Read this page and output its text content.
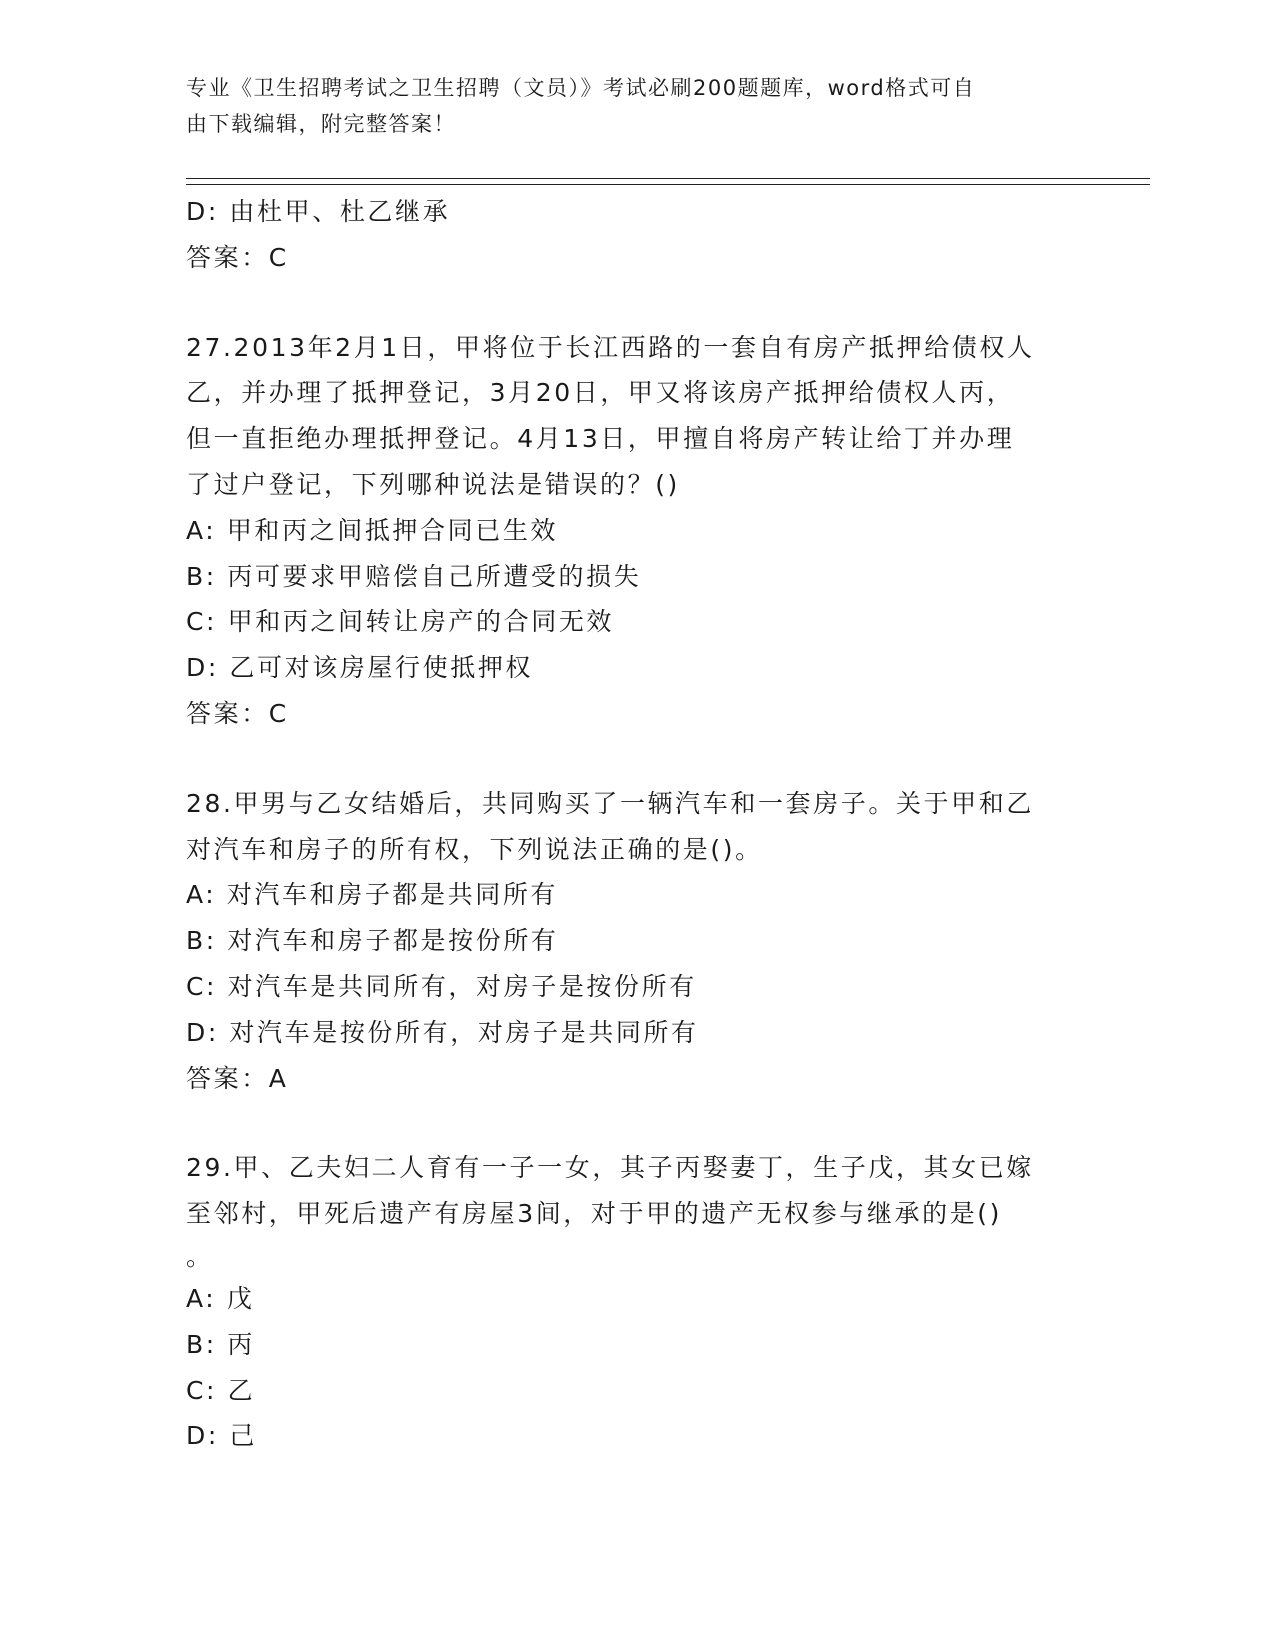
专业《卫生招聘考试之卫生招聘（文员）》考试必刷200题题库，word格式可自
由下载编辑，附完整答案！
D: 由杜甲、杜乙继承
答案：C
27.2013年2月1日，甲将位于长江西路的一套自有房产抵押给债权人
乙，并办理了抵押登记，3月20日，甲又将该房产抵押给债权人丙，
但一直拒绝办理抵押登记。4月13日，甲擅自将房产转让给丁并办理
了过户登记，下列哪种说法是错误的？()
A: 甲和丙之间抵押合同已生效
B: 丙可要求甲赔偿自己所遭受的损失
C: 甲和丙之间转让房产的合同无效
D: 乙可对该房屋行使抵押权
答案：C
28.甲男与乙女结婚后，共同购买了一辆汽车和一套房子。关于甲和乙
对汽车和房子的所有权，下列说法正确的是()。
A: 对汽车和房子都是共同所有
B: 对汽车和房子都是按份所有
C: 对汽车是共同所有，对房子是按份所有
D: 对汽车是按份所有，对房子是共同所有
答案：A
29.甲、乙夫妇二人育有一子一女，其子丙娶妻丁，生子戊，其女已嫁
至邻村，甲死后遗产有房屋3间，对于甲的遗产无权参与继承的是()
。
A: 戊
B: 丙
C: 乙
D: 己
